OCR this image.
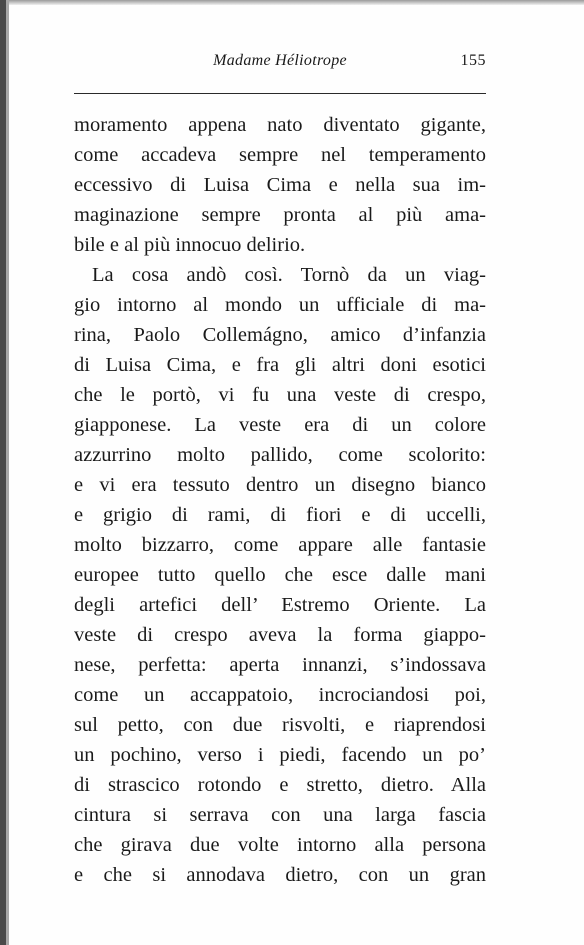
Madame Héliotrope	155
moramento appena nato diventato gigante,
come accadeva sempre nel temperamento
eccessivo di Luisa Cima e nella sua im-
maginazione sempre pronta al più ama-
bile e al più innocuo delirio.
La cosa andò così. Tornò da un viag-
gio intorno al mondo un ufficiale di ma-
rina, Paolo Collemágno, amico d’infanzia
di Luisa Cima, e fra gli altri doni esotici
che le portò, vi fu una veste di crespo,
giapponese. La veste era di un colore
azzurrino molto pallido, come scolorito:
e vi era tessuto dentro un disegno bianco
e grigio di rami, di fiori e di uccelli,
molto bizzarro, come appare alle fantasie
europee tutto quello che esce dalle mani
degli artefici dell’ Estremo Oriente. La
veste di crespo aveva la forma giappo-
nese, perfetta: aperta innanzi, s’indossava
come un accappatoio, incrociandosi poi,
sul petto, con due risvolti, e riaprendosi
un pochino, verso i piedi, facendo un po’
di strascico rotondo e stretto, dietro. Alla
cintura si serrava con una larga fascia
che girava due volte intorno alla persona
e che si annodava dietro, con un gran
